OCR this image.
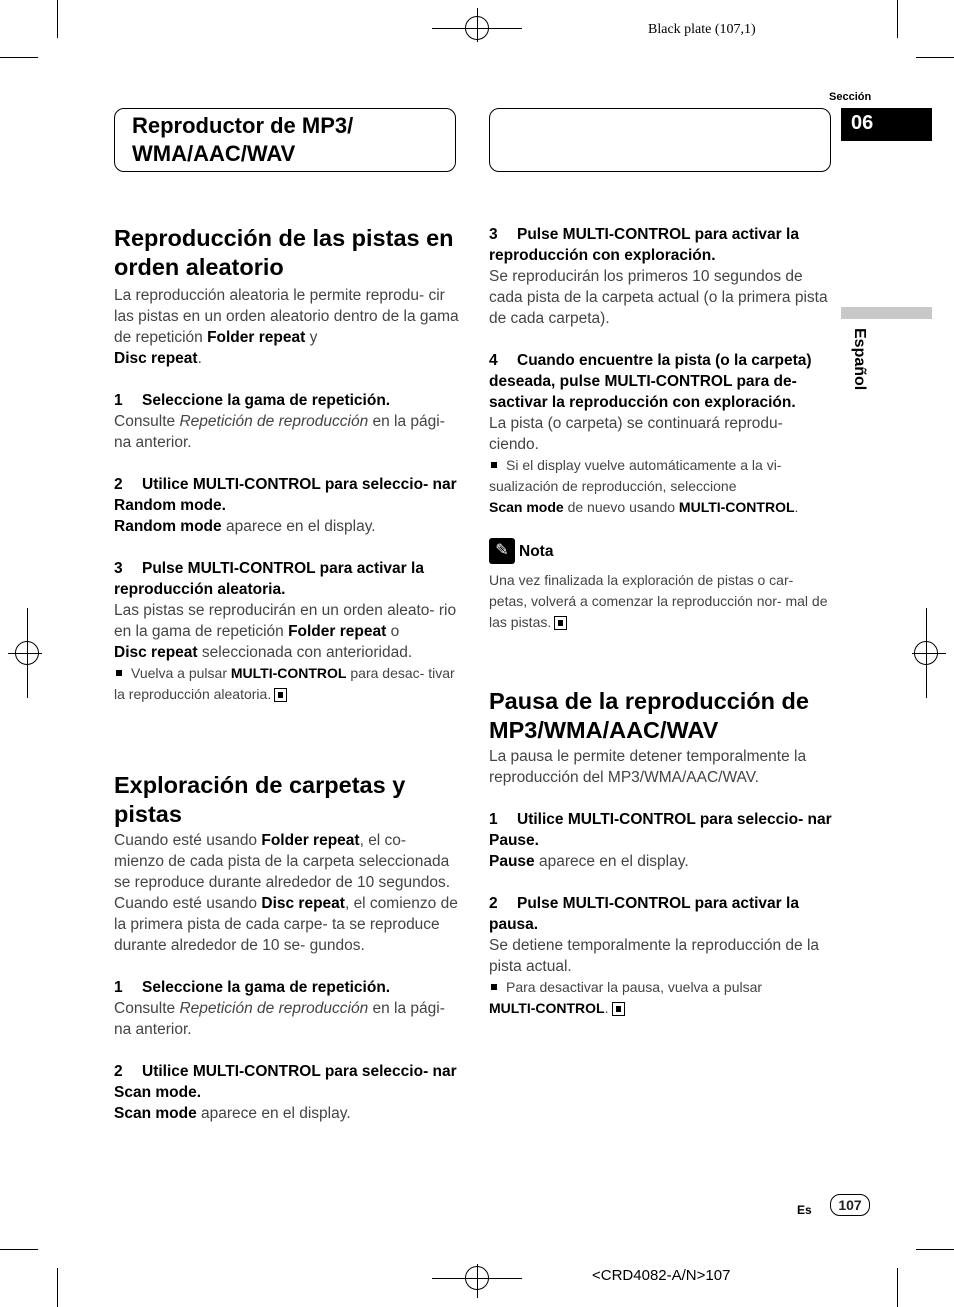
Black plate (107,1)
Reproductor de MP3/ WMA/AAC/WAV
Sección
06
Español

Reproducción de las pistas en orden aleatorio

La reproducción aleatoria le permite reprodu- cir las pistas en un orden aleatorio dentro de la gama de repetición Folder repeat y
Disc repeat.

1 Seleccione la gama de repetición.

Consulte Repetición de reproducción en la pági- na anterior.

2 Utilice MULTI-CONTROL para seleccio- nar Random mode.

Random mode aparece en el display.

3 Pulse MULTI-CONTROL para activar la reproducción aleatoria.

Las pistas se reproducirán en un orden aleato- rio en la gama de repetición Folder repeat o
Disc repeat seleccionada con anterioridad.

Vuelva a pulsar MULTI-CONTROL para desac- tivar la reproducción aleatoria.

Exploración de carpetas y pistas

Cuando esté usando Folder repeat, el co- mienzo de cada pista de la carpeta seleccionada se reproduce durante alrededor de 10 segundos. Cuando esté usando Disc repeat, el comienzo de la primera pista de cada carpe- ta se reproduce durante alrededor de 10 se- gundos.

1 Seleccione la gama de repetición.

Consulte Repetición de reproducción en la pági- na anterior.

2 Utilice MULTI-CONTROL para seleccio- nar Scan mode.

Scan mode aparece en el display.

3 Pulse MULTI-CONTROL para activar la reproducción con exploración.

Se reproducirán los primeros 10 segundos de cada pista de la carpeta actual (o la primera pista de cada carpeta).

4 Cuando encuentre la pista (o la carpeta) deseada, pulse MULTI-CONTROL para de- sactivar la reproducción con exploración.

La pista (o carpeta) se continuará reprodu- ciendo.

Si el display vuelve automáticamente a la vi- sualización de reproducción, seleccione
Scan mode de nuevo usando MULTI-CONTROL.

✎ Nota

Una vez finalizada la exploración de pistas o car- petas, volverá a comenzar la reproducción nor- mal de las pistas.

Pausa de la reproducción de MP3/WMA/AAC/WAV

La pausa le permite detener temporalmente la reproducción del MP3/WMA/AAC/WAV.

1 Utilice MULTI-CONTROL para seleccio- nar Pause.

Pause aparece en el display.

2 Pulse MULTI-CONTROL para activar la pausa.

Se detiene temporalmente la reproducción de la pista actual.

Para desactivar la pausa, vuelva a pulsar
MULTI-CONTROL.

Es	107
<CRD4082-A/N>107
